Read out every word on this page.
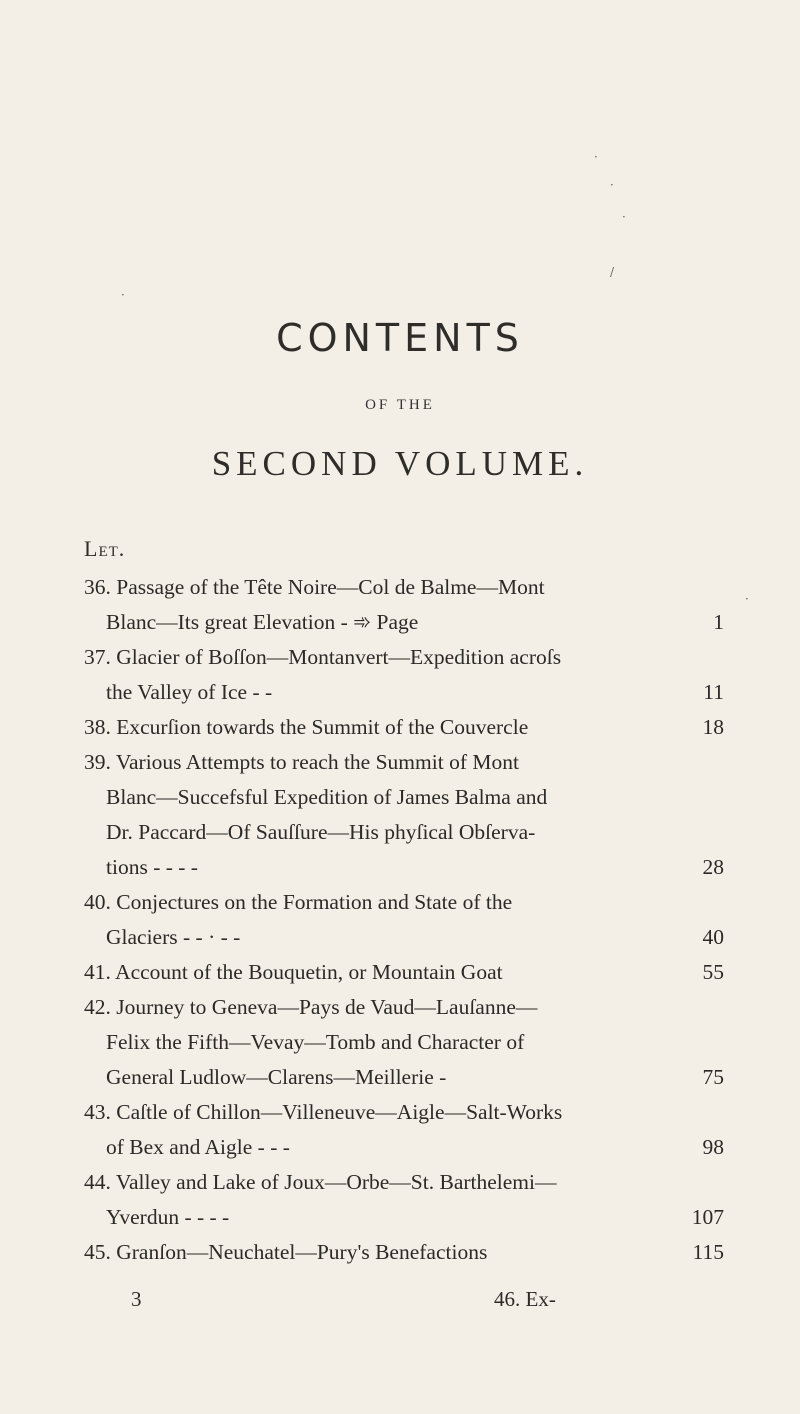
·
·
·
/
·
·
CONTENTS
OF THE
SECOND VOLUME.
Let.
36. Passage of the Tête Noire—Col de Balme—Mont
Blanc—Its great Elevation - ➾ Page	1
37. Glacier of Boſſon—Montanvert—Expedition acroſs
the Valley of Ice - -	11
38. Excurſion towards the Summit of the Couvercle	18
39. Various Attempts to reach the Summit of Mont
Blanc—Succefsful Expedition of James Balma and
Dr. Paccard—Of Sauſſure—His phyſical Obſerva-
tions - - - -	28
40. Conjectures on the Formation and State of the
Glaciers - - · - -	40
41. Account of the Bouquetin, or Mountain Goat	55
42. Journey to Geneva—Pays de Vaud—Lauſanne—
Felix the Fifth—Vevay—Tomb and Character of
General Ludlow—Clarens—Meillerie -	75
43. Caſtle of Chillon—Villeneuve—Aigle—Salt-Works
of Bex and Aigle - - -	98
44. Valley and Lake of Joux—Orbe—St. Barthelemi—
Yverdun - - - -	107
45. Granſon—Neuchatel—Pury's Benefactions	115
3	46. Ex-
